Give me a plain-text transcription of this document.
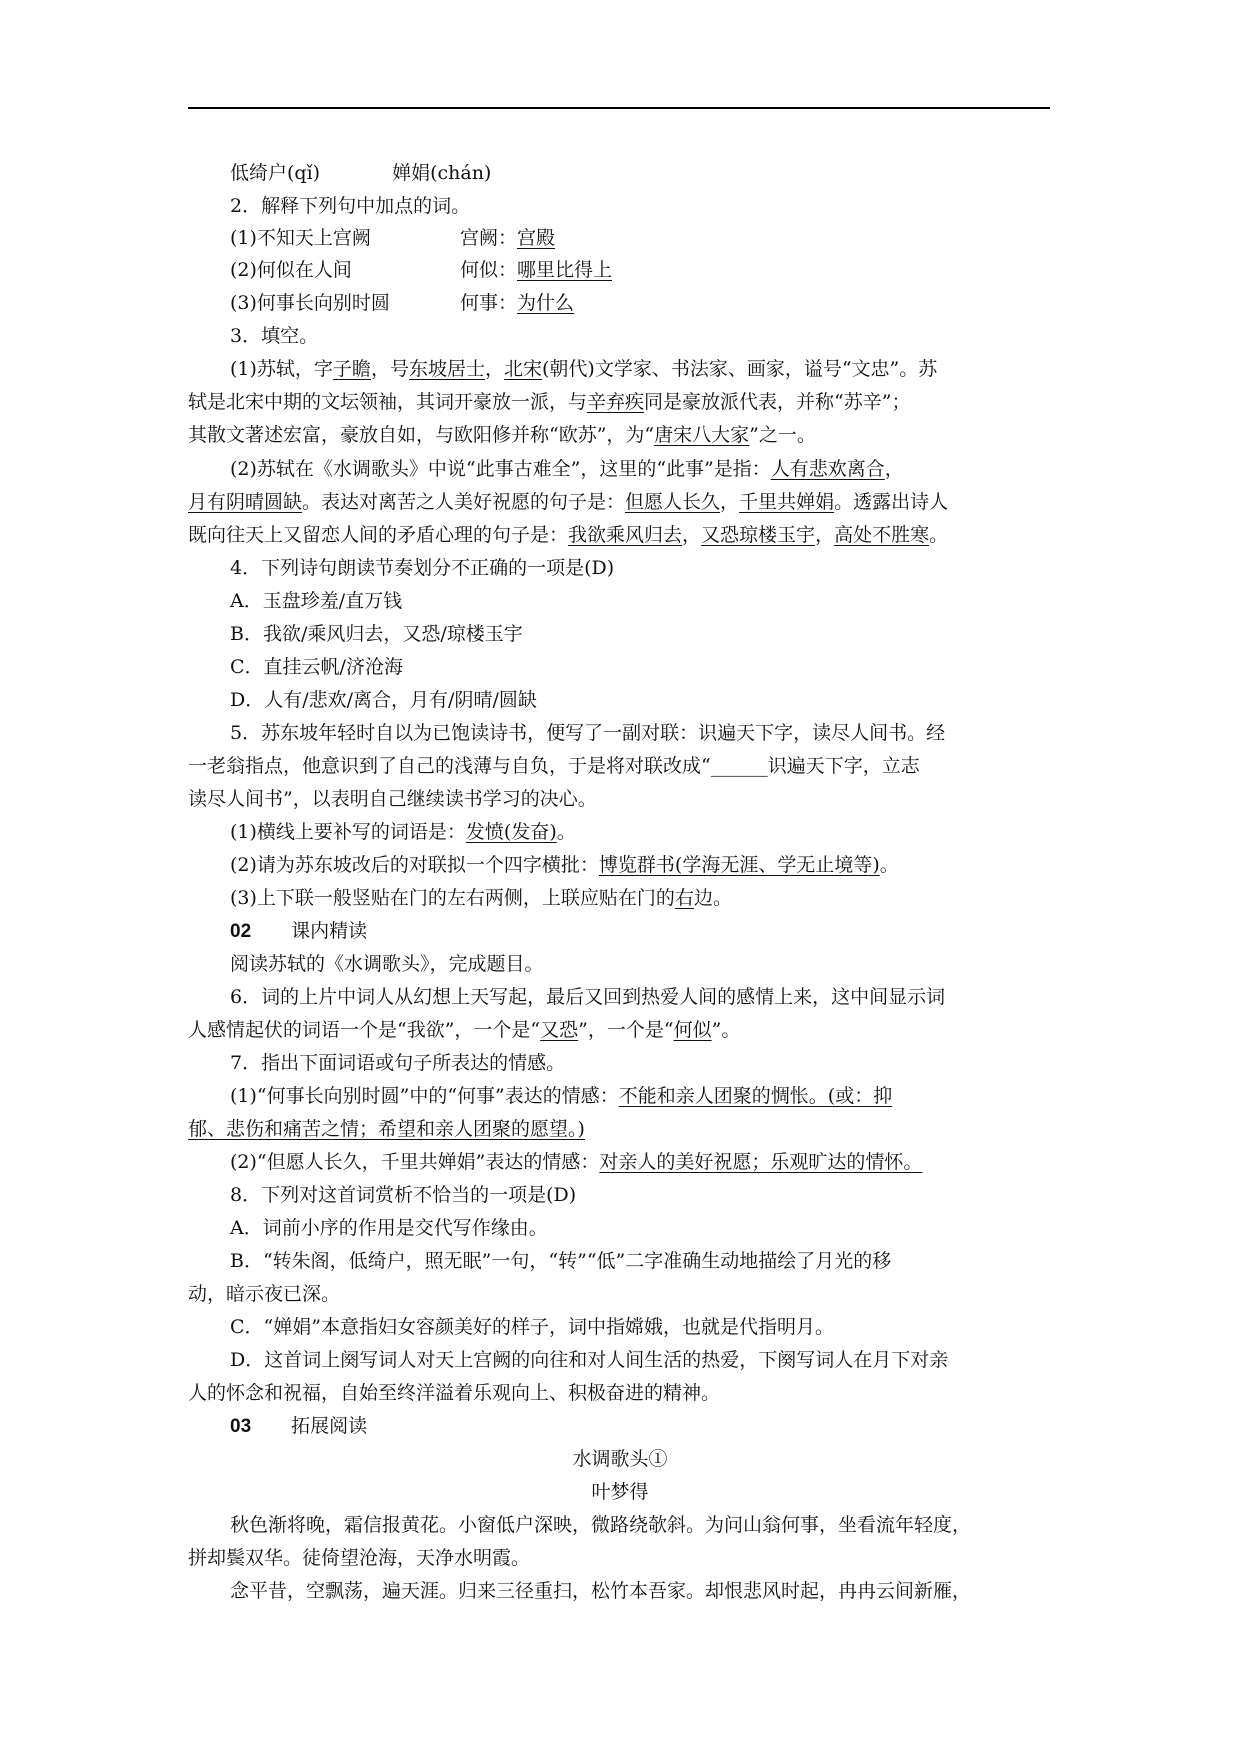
低绮户(qǐ)	婵娟(chán)
2．解释下列句中加点的词。
(1)不知天上宫阙	宫阙：宫殿
(2)何似在人间	何似：哪里比得上
(3)何事长向别时圆	何事：为什么
3．填空。
(1)苏轼，字子瞻，号东坡居士，北宋(朝代)文学家、书法家、画家，谥号“文忠”。苏
轼是北宋中期的文坛领袖，其词开豪放一派，与辛弃疾同是豪放派代表，并称“苏辛”；
其散文著述宏富，豪放自如，与欧阳修并称“欧苏”，为“唐宋八大家”之一。
(2)苏轼在《水调歌头》中说“此事古难全”，这里的“此事”是指：人有悲欢离合，
月有阴晴圆缺。表达对离苦之人美好祝愿的句子是：但愿人长久，千里共婵娟。透露出诗人
既向往天上又留恋人间的矛盾心理的句子是：我欲乘风归去，又恐琼楼玉宇，高处不胜寒。
4．下列诗句朗读节奏划分不正确的一项是(D)
A．玉盘珍羞/直万钱
B．我欲/乘风归去，又恐/琼楼玉宇
C．直挂云帆/济沧海
D．人有/悲欢/离合，月有/阴晴/圆缺
5．苏东坡年轻时自以为已饱读诗书，便写了一副对联：识遍天下字，读尽人间书。经
一老翁指点，他意识到了自己的浅薄与自负，于是将对联改成“______识遍天下字，立志
读尽人间书”，以表明自己继续读书学习的决心。
(1)横线上要补写的词语是：发愤(发奋)。
(2)请为苏东坡改后的对联拟一个四字横批：博览群书(学海无涯、学无止境等)。
(3)上下联一般竖贴在门的左右两侧，上联应贴在门的右边。
02 课内精读
阅读苏轼的《水调歌头》，完成题目。
6．词的上片中词人从幻想上天写起，最后又回到热爱人间的感情上来，这中间显示词
人感情起伏的词语一个是“我欲”，一个是“又恐”，一个是“何似”。
7．指出下面词语或句子所表达的情感。
(1)“何事长向别时圆”中的“何事”表达的情感：不能和亲人团聚的惆怅。(或：抑
郁、悲伤和痛苦之情；希望和亲人团聚的愿望。)
(2)“但愿人长久，千里共婵娟”表达的情感：对亲人的美好祝愿；乐观旷达的情怀。
8．下列对这首词赏析不恰当的一项是(D)
A．词前小序的作用是交代写作缘由。
B．“转朱阁，低绮户，照无眠”一句，“转”“低”二字准确生动地描绘了月光的移
动，暗示夜已深。
C．“婵娟”本意指妇女容颜美好的样子，词中指嫦娥，也就是代指明月。
D．这首词上阕写词人对天上宫阙的向往和对人间生活的热爱，下阕写词人在月下对亲
人的怀念和祝福，自始至终洋溢着乐观向上、积极奋进的精神。
03 拓展阅读
水调歌头①
叶梦得
秋色渐将晚，霜信报黄花。小窗低户深映，微路绕欹斜。为问山翁何事，坐看流年轻度，
拼却鬓双华。徒倚望沧海，天净水明霞。
念平昔，空飘荡，遍天涯。归来三径重扫，松竹本吾家。却恨悲风时起，冉冉云间新雁，
